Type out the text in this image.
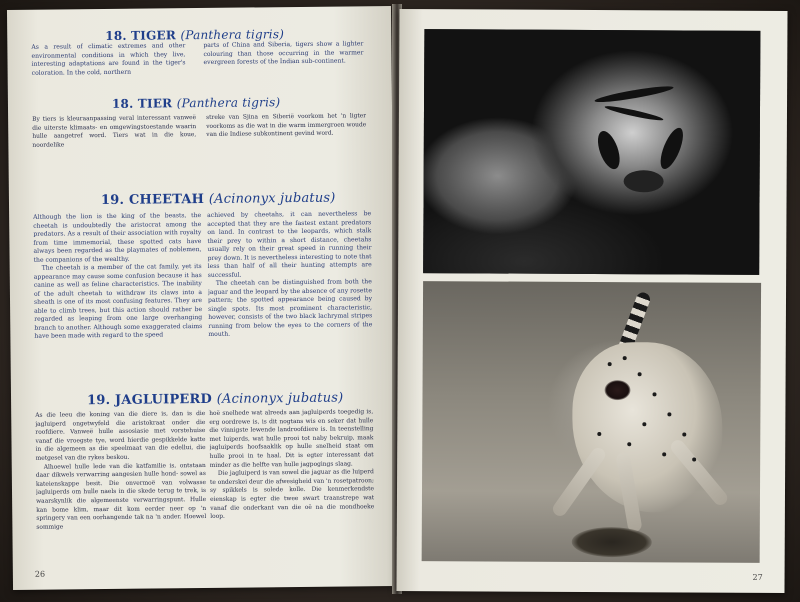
18. TIGER (Panthera tigris)

As a result of climatic extremes and other environmental conditions in which they live, interesting adaptations are found in the tiger's coloration. In the cold, northern

parts of China and Siberia, tigers show a lighter colouring than those occurring in the warmer evergreen forests of the Indian sub-continent.

18. TIER (Panthera tigris)

By tiers is kleuraanpassing veral interessant vanweë die uiterste klimaats- en omgewingstoestande waarin hulle aangetref word. Tiers wat in die koue, noordelike

streke van Sjina en Siberië voorkom het 'n ligter voorkoms as die wat in die warm immergroen woude van die Indiese subkontinent gevind word.

19. CHEETAH (Acinonyx jubatus)

Although the lion is the king of the beasts, the cheetah is undoubtedly the aristocrat among the predators. As a result of their association with royalty from time immemorial, these spotted cats have always been regarded as the playmates of noblemen, the companions of the wealthy.

The cheetah is a member of the cat family, yet its appearance may cause some confusion because it has canine as well as feline characteristics. The inability of the adult cheetah to withdraw its claws into a sheath is one of its most confusing features. They are able to climb trees, but this action should rather be regarded as leaping from one large overhanging branch to another. Although some exaggerated claims have been made with regard to the speed

achieved by cheetahs, it can nevertheless be accepted that they are the fastest extant predators on land. In contrast to the leopards, which stalk their prey to within a short distance, cheetahs usually rely on their great speed in running their prey down. It is nevertheless interesting to note that less than half of all their hunting attempts are successful.

The cheetah can be distinguished from both the jaguar and the leopard by the absence of any rosette pattern; the spotted appearance being caused by single spots. Its most prominent characteristic, however, consists of the two black lachrymal stripes running from below the eyes to the corners of the mouth.

19. JAGLUIPERD (Acinonyx jubatus)

As die leeu die koning van die diere is, dan is die jagluiperd ongetwyfeld die aristokraat onder die roofdiere. Vanweë hulle assosiasie met vorstehuise vanaf die vroegste tye, word hierdie gespikkelde katte in die algemeen as die speelmaat van die edellui, die metgesel van die rykes beskou.

Alhoewel hulle lede van die katfamilie is, ontstaan daar dikwels verwarring aangesien hulle hond- sowel as kateienskappe besit. Die onvermoë van volwasse jagluiperds om hulle naels in die skede terug te trek, is waarskynlik die algemeenste verwarringspunt. Hulle kan bome klim, maar dit kom eerder neer op 'n springery van een oorhangende tak na 'n ander. Hoewel sommige

hoë snelhede wat alreeds aan jagluiperds toegedig is, erg oordrewe is, is dit nogtans wis en seker dat hulle die vinnigste lewende landroofdiere is. In teenstelling met luiperds, wat hulle prooi tot naby bekruip, maak jagluiperds hoofsaaklik op hulle snelheid staat om hulle prooi in te haal. Dit is egter interessant dat minder as die helfte van hulle jagpogings slaag.

Die jagluiperd is van sowel die jaguar as die luiperd te onderskei deur die afwesigheid van 'n rosetpatroon; sy spikkels is solede kolle. Die kenmerkendste eienskap is egter die twee swart traanstrepe wat vanaf die onderkant van die oë na die mondhoeke loop.

26	27
